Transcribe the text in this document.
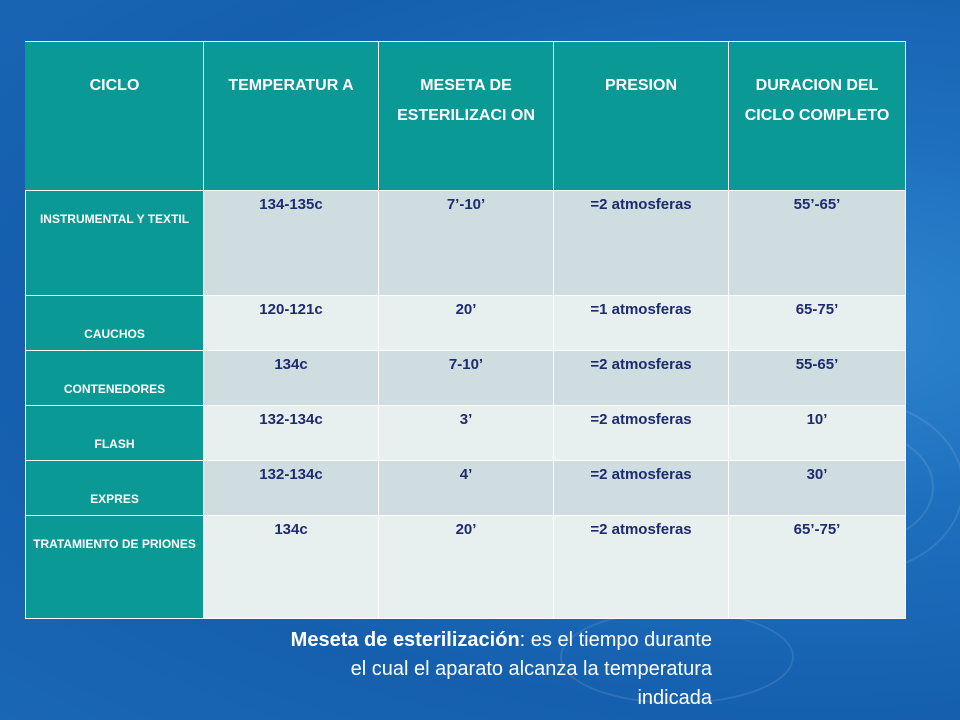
CICLO	TEMPERATUR A	MESETA DE ESTERILIZACI ON	PRESION	DURACION DEL CICLO COMPLETO
INSTRUMENTAL Y TEXTIL	134-135c	7’-10’	=2 atmosferas	55’-65’
CAUCHOS	120-121c	20’	=1 atmosferas	65-75’
CONTENEDORES	134c	7-10’	=2 atmosferas	55-65’
FLASH	132-134c	3’	=2 atmosferas	10’
EXPRES	132-134c	4’	=2 atmosferas	30’
TRATAMIENTO DE PRIONES	134c	20’	=2 atmosferas	65’-75’
Meseta de esterilización: es el tiempo durante el cual el aparato alcanza la temperatura indicada
